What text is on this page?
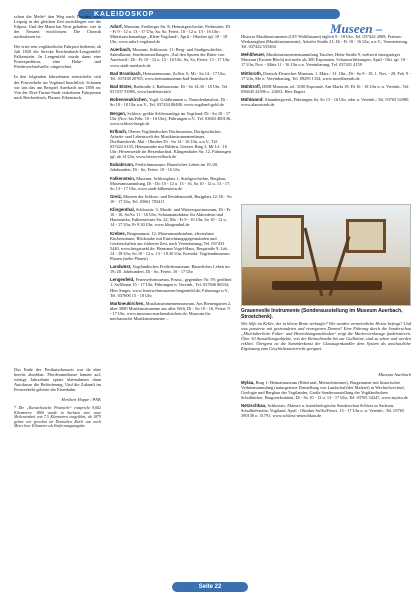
KALEIDOSKOP
Museen –

schon die Meile“ den Weg nach Dresden oder Leipzig in der gleichen Zeit zurücklegen wie die Eilpost. Und der Mann hat Wort gehalten, wie in der Neuzeit erschlossen. Die Chronik nachzulesen ist.

Die erste rein vogtländische Fahrpost bediente, ab Juli 1820 die Strecke Reichenbach-Lengenfeld-Falkenstein. In Lengenfeld wurde dann eine Postexpedition, eine Halte- und Pferdewechselstelle, eingerichtet.

In den folgenden Jahrzehnten entwickelte sich der Postverkehr im Vogtland beachtlich. Schauen wir uns das am Beispiel Auerbach um 1850 an: Von der Drei-Türme-Stadt verkehrten Fahrposten nach Reichenbach, Plauen, Eibenstock,

Das Ende der Postkutschenzeit war da aber bereits absehbar. Pferdeomnibusse kamen auf, wenige Jahrzehnte später übernahmen dann Autobusse die Beförderung. Und die Zukunft im Fernverkehr gehörte der Eisenbahn.

Heribert Hoppe / PNK

* Die „Kursächsische Postmeile“ entspricht 9,062 Kilometern. 1860 wurde in Sachsen eine neue Meileneinheit von 7,5 Kilometern eingeführt, ab 1875 gelten wie gewohnt im Deutschen Reich nur noch Meter bzw. Kilometer als Entfernungsangabe.

Adorf, Museum, Freiberger Str. 8; Heimatgeschichte, Perlmutter, Di - Fr 9 - 12 u. 13 - 17 Uhr, Sa, So, Feiert. 10 - 12 u. 13 - 16 Uhr; Miniaturschauanlage „Klein-Vogtland“, April - Oktober tgl. 10 - 18 Uhr, www.adorf-vogtland.de
Auerbach, Museum, Schlossstr. 11; Berg- und Stadtgeschichte, Sakralkunst, Sonderausstellungen „Auf den Spuren der Ritter von Auerbach“, Di - Fr 10 - 12 u. 13 - 16 Uhr, Sa, So, Feiert. 13 - 17 Uhr, www.stadt-auerbach.de
Bad Brambach, Heimatmuseum, Zollstr. 6; Mi - Sa 14 - 17 Uhr, Tel. 037438 20765, www.heimatmuseum-bad-brambach.de
Bad Elster, Badstraße 1; Badmuseum; Di - So 14.30 - 18 Uhr, Tel. 037437 53985, www.badelster.info
Bobenneukirchen, Vogtl. Goldbrunnen u. Naturdenkmalort, Di - So 10 - 18 Uhr u.n.V., Tel. 037434 80488, www.vogtland-gold.de
Bergen, Schloss: größte Schlossanlage im Vogtland; Di - So 10 - 17 Uhr (Nov. bis Febr. 10 - 16 Uhr), Führungen n.V., Tel. 03663 400136, www.schloss-burgk.de
Erlbach, Oberes Vogtländisches Dorfmuseum, Dorfgeschichte, Arbeits- und Lebenswelt der Musikinstrumentenbauer, Dorfhandwerk, Mai - Oktober Di - So 14 - 16 Uhr, u.n.V., Tel. 037422 6135; Heimatstube mit Bildern, Unterer Ring 3, Mi 14 - 16 Uhr; Hexenweide im Hexenbachtal, Klingenthaler Str. 12, Führungen tgl. ab 14 Uhr, www.hexen-erlbach.de
Eubabrunn, Freilichtmuseum: Bäuerliches Leben im 19./20. Jahrhundert; Di - So, Feiert. 10 - 16 Uhr
Falkenstein, Museum, Schlossplatz 1; Stadtgeschichte, Bergbau, Museumssammlung, Di - Do 10 - 12 u. 13 - 16, Sa 10 - 12 u. 13 - 17, So 13 - 17 Uhr, www.stadt-falkenstein.de
Greiz, Museen der Schloss- und Residenzstadt, Burgplatz 12; Di - So 10 - 17 Uhr, Tel. 03661 703411
Klingenthal, Schlossstr. 3; Musik- und Wintersportmuseum, Di - Fr 10 - 16, So/So 11 - 16 Uhr; Schaumanufaktur für Akkordeon und Harmonika, Falkensteiner Str. 22; Mo - Fr 9 - 16 Uhr, So 10 - 12 u. 14 - 17 Uhr, Fr 9.30 Uhr, www.klingenthal.de
Krebes, Bergmannstr. 12; Museumsnähstuben, elevierbare Küchenräume, Blickstube mit Einrichtungsgegenständen und Geräteschaften aus früheren Zeit, nach Vereinbarung, Tel. 037433 5440, www.bergstuebl.de; Hermann Vogel-Haus, Bergstraße 9; Lek. 14 - 18 Uhr, So 10 - 12 u. 13 - 18.30 Uhr, Kontakt: Vogtlandmuseum Plauen (siehe Plauen)
Landwüst, Vogtländisches Freilichtmuseum: Bäuerliches Leben im 19./20. Jahrhundert, Di - So, Feiert. 10 - 17 Uhr
Lengenfeld, Feuerwehrmuseum, Postst.; gegenüber Nr. 59; geöffnet 1. Sa/Monat 15 - 17 Uhr, Führungen n. Vereinb., Tel. 037606 86534; Herr Singer, www.feuerwehrmuseum-lengenfeld.de; Fahrzeuge n.V., Tel. 037606 15 - 18 Uhr
Markneukirchen, Musikinstrumentenmuseum, Am Bienengarten 2, über 3000 Musikinstrumente aus aller Welt, Di - So 10 - 16, Feiert. 9 - 17 Uhr, www.museum-markneukirchen.de; Museum für mechanische Musikinstrumente –
Historia Musikinstruments (GIT Wohlhausen) täglich 9 - 18 Uhr, Tel. 037422 2869; Framus-Werkzeugbau (Musikinstrumente), Adorfer Straße 21; Di - Fr 10 - 16 Uhr, u.n.V., Vermieterung, Tel. 037422 555404
Mehltheuer, Musikinstrumentensammlung Taucher, Hohe Straße 9, weltweit einzigartiges Museum (Exoten-Blech) mit mehr als 300 Exponaten, Schauvorführungen, April - Okt. tgl. 10 - 17 Uhr, Nov. - März 11 - 16 Uhr u.n. Vereinbarung, Tel. 037431 4159
Mittlsroth, Deutsch-Deutsches Museum, 1. März - 31. Okt.; Di - So 9 - 18, 1. Nov. - 28. Feb. 9 - 17 Uhr, Mo n. Vereinbarung, Tel. 09295 1334, www.moedlareuth.de
Mühltroff, DDR-Museum, tel. 3100 Exponate, Am Markt 19; Di 16 - 18 Uhr u. n. Vereinb., Tel. 036645 22596 o. 22653, Herr Engert
Mühlwand: Alaunbergwerk, Führungen Sa, So 13 - 16 Uhr, oder n. Vereinb.; Tel. 03765 52980, www.alaunwerk.de
Grauenvolle Instrumente (Sonderausstellung im Museum Auerbach, Stroetchenk).
Wie hilfe im Keller, der in kleine Brote verkaufte? Wie wurden vermeintliche Hexen befragt? Und was passierte mit gestrandeten und verzogenen Damen? Eine Führung durch die Sonderschau „Mittelalterliche Folter- und Hinrichtungsmethoden“ zeigt die Marterwerkzeuge funktionieren. Über 30 Ausstellungsobjekte, von der Beinschraube bis zur Guillotine, sind zu sehen und werden erklärt. Übrigens ist die Sammlerkunst der Glasaugenkundler dem System als anschauliche Ergänzung zum Geschichtsunterricht geeignet.
Museum Auerbach
Mylau, Burg 1: Heimatmuseum (Rittersaal, Meinschrimmer), Burgzimmer mit historischer Vedutensammlung (naturgetreue Darstellung von Landschaft/der Malerei) in Wechselwechsel, Geologie und Bergbau des Vogtlandes, Große Sonderausstellung der Vogtländischen Schulbücher, Burgwerkstätten, Di - So 10 - 12 u. 13 - 17 Uhr, Tel. 03765 34247, www.mylau.de
Netzschkau, Schlossstr. Akteure u. kunstbiologische Sonderschau Schloss in Sachsen, Schulhöfestätte, Vogtland, April - Oktober Sa/So/Feiert. 13 - 17 Uhr u. n. Vereinb., Tel. 03765 390136 o. 31791, www.schloss-netzschkau.de
Seite 22
